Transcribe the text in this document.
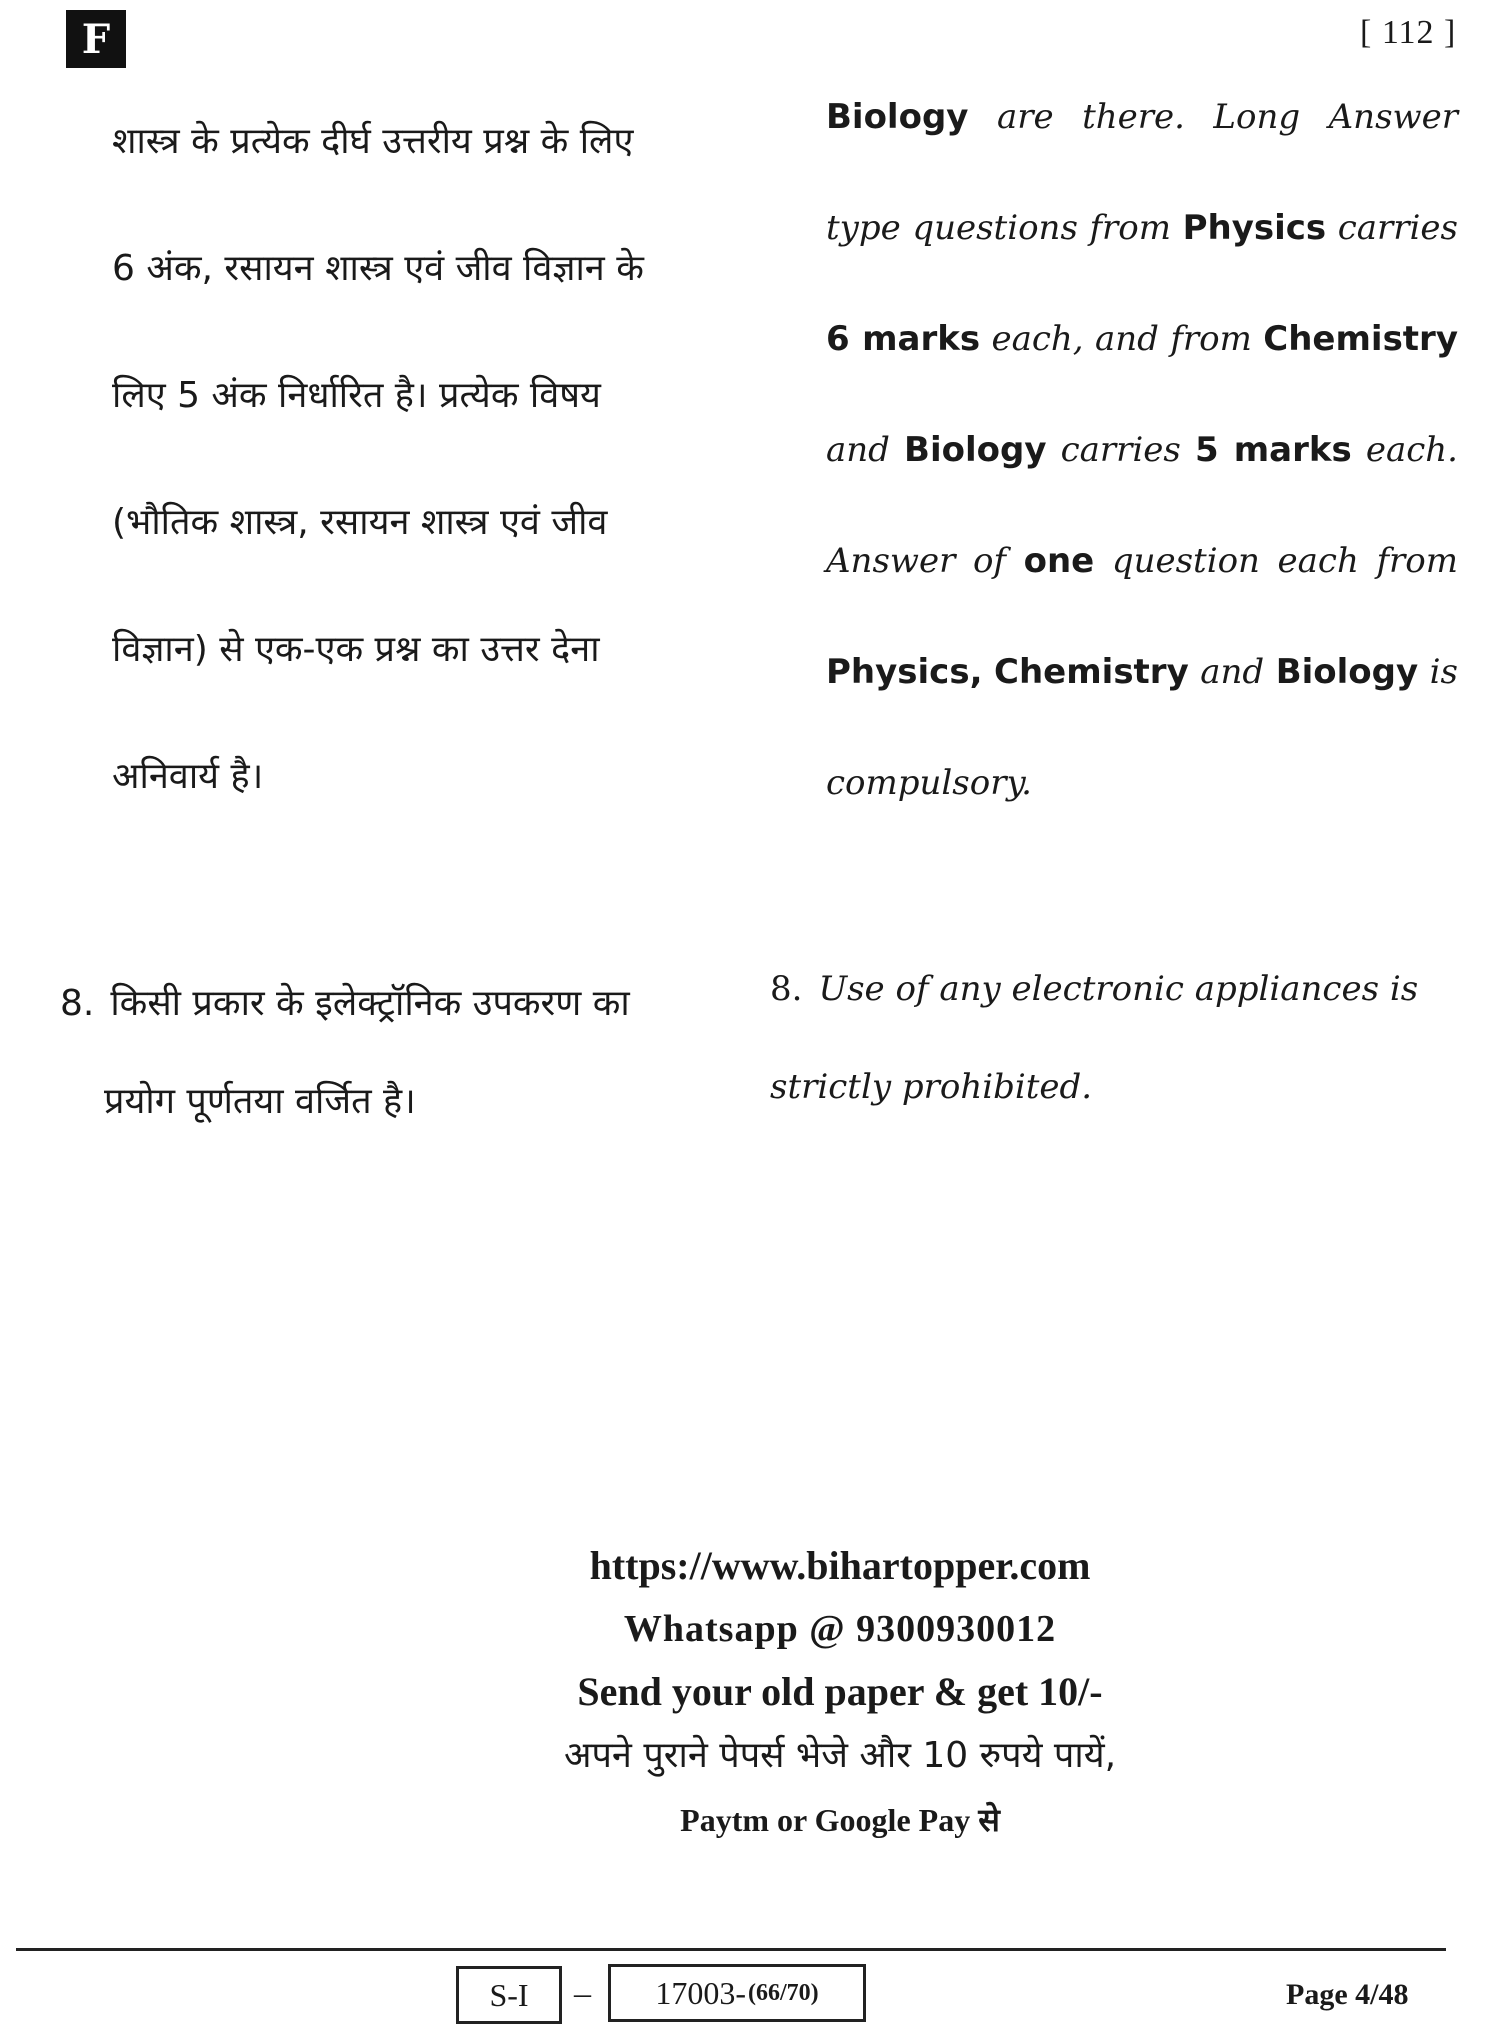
F	[ 112 ]
शास्त्र के प्रत्येक दीर्घ उत्तरीय प्रश्न के लिए
6 अंक, रसायन शास्त्र एवं जीव विज्ञान के
लिए 5 अंक निर्धारित है। प्रत्येक विषय
(भौतिक शास्त्र, रसायन शास्त्र एवं जीव
विज्ञान) से एक-एक प्रश्न का उत्तर देना
अनिवार्य है।
Biology are there. Long Answer type questions from Physics carries 6 marks each, and from Chemistry and Biology carries 5 marks each. Answer of one question each from Physics, Chemistry and Biology is compulsory.
8. किसी प्रकार के इलेक्ट्रॉनिक उपकरण का
प्रयोग पूर्णतया वर्जित है।
8. Use of any electronic appliances is strictly prohibited.
https://www.bihartopper.com
Whatsapp @ 9300930012
Send your old paper & get 10/-
अपने पुराने पेपर्स भेजे और 10 रुपये पायें,
Paytm or Google Pay से
S-I	– 17003- (66/70)	Page 4/48
